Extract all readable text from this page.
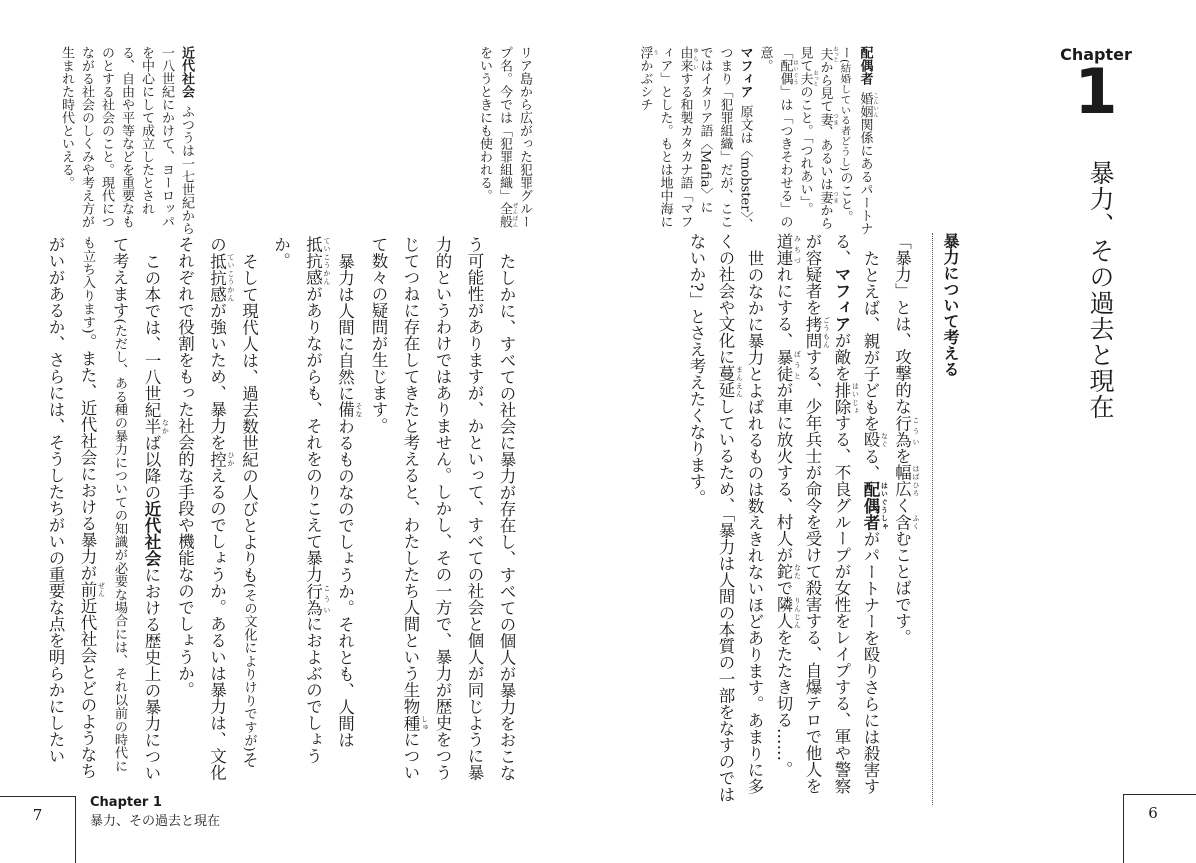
Chapter
1
暴力、その過去と現在
配偶者婚姻 こんいん関係にあるパートナー(結婚している者どうし)のこと。夫 おっとから見て妻 つま、あるいは妻 つまから見て夫 おっとのこと。「つれあい」。「配偶 はいぐう」は「つきそわせる」の意。
マフィア原文は〈mobster〉、つまり「犯罪組織」だが、ここではイタリア語〈Mafia〉に由来 ゆらいする和製カタカナ語「マフィア」とした。もとは地中海に浮 うかぶシチ
暴力について考える

「暴力」とは、攻撃的な行為 こういを幅広 はばひろく含 ふくむことばです。

たとえば、親が子どもを殴 なぐる、配偶者 はいぐうしゃがパートナーを殴りさらには殺害する、マフィアが敵を排除 はいじょする、不良グループが女性をレイプする、軍や警察が容疑者を拷問 ごうもんする、少年兵士が命令を受けて殺害する、自爆テロで他人を道連 みちづれにする、暴徒 ぼうとが車に放火する、村人が鉈 なたで隣人 りんじんをたたき切る……。

世のなかに暴力とよばれるものは数えきれないほどあります。あまりに多くの社会や文化に蔓延 まんえんしているため、「暴力は人間の本質の一部をなすのではないか?」とさえ考えたくなります。

6
リア島から広がった犯罪グループ名。今では「犯罪組織」全般 ぜんぱんをいうときにも使われる。
近代社会ふつうは一七世紀から一八世紀にかけて、ヨーロッパを中心にして成立したとされる、自由や平等などを重要なものとする社会のこと。現代につながる社会のしくみや考え方が生まれた時代といえる。

たしかに、すべての社会に暴力が存在し、すべての個人が暴力をおこなう可能性がありますが、かといって、すべての社会と個人が同じように暴力的というわけではありません。しかし、その一方で、暴力が歴史をつうじてつねに存在してきたと考えると、わたしたち人間という生物種 しゅについて数々の疑問が生じます。

暴力は人間に自然に備 そなわるものなのでしょうか。それとも、人間は抵抗感 ていこうかんがありながらも、それをのりこえて暴力行為 こういにおよぶのでしょうか。

そして現代人は、過去数世紀の人びとよりも(その文化によりけりですが)その抵抗感 ていこうかんが強いため、暴力を控 ひかえるのでしょうか。あるいは暴力は、文化それぞれで役割をもった社会的な手段や機能なのでしょうか。

この本では、一八世紀半 なかば以降の近代社会における歴史上の暴力について考えます(ただし、ある種の暴力についての知識が必要な場合には、それ以前の時代にも立ち入ります)。また、近代社会における暴力が前 ぜん近代社会とどのようなちがいがあるか、さらには、そうしたちがいの重要な点を明らかにしたい

7
Chapter 1
暴力、その過去と現在
